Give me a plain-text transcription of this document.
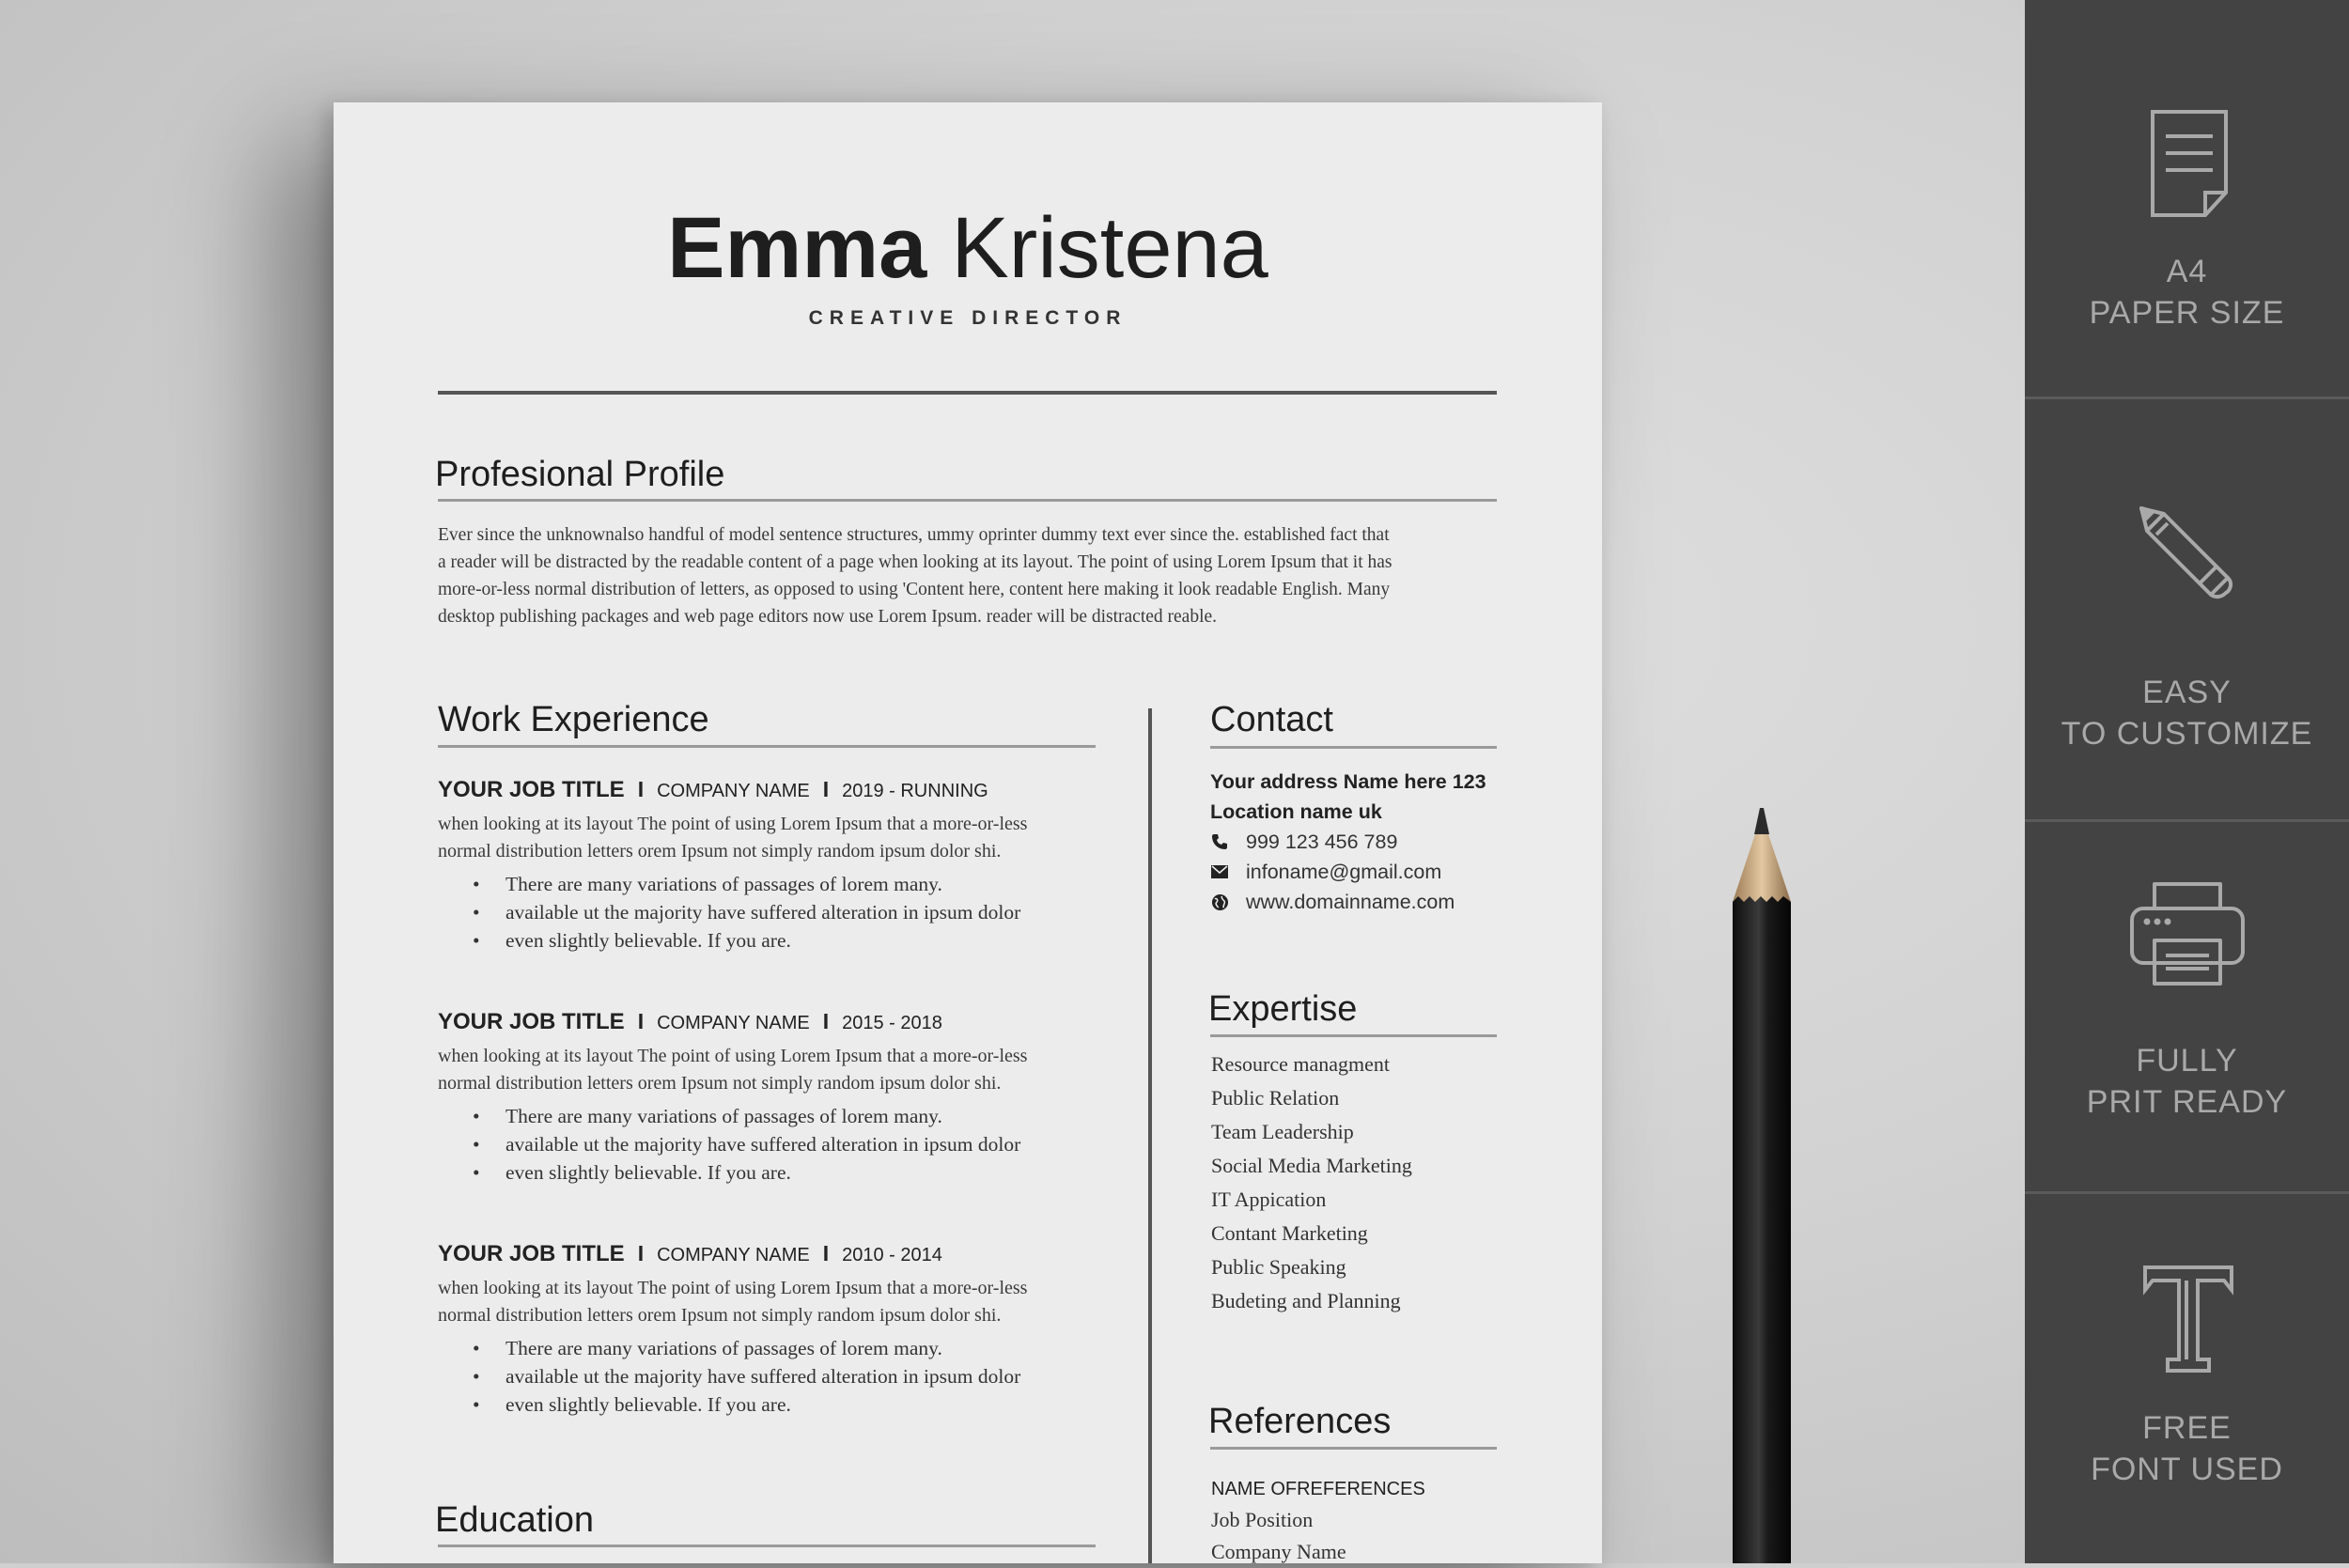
Emma Kristena
CREATIVE DIRECTOR
Profesional Profile
Ever since the unknownalso handful of model sentence structures, ummy oprinter dummy text ever since the. established fact that
a reader will be distracted by the readable content of a page when looking at its layout. The point of using Lorem Ipsum that it has
more-or-less normal distribution of letters, as opposed to using 'Content here, content here making it look readable English. Many
desktop publishing packages and web page editors now use Lorem Ipsum. reader will be distracted reable.
Work Experience
YOUR JOB TITLE I COMPANY NAME I 2019 - RUNNING
when looking at its layout The point of using Lorem Ipsum that a more-or-less
normal distribution letters orem Ipsum not simply random ipsum dolor shi.
• There are many variations of passages of lorem many.
• available ut the majority have suffered alteration in ipsum dolor
• even slightly believable. If you are.
YOUR JOB TITLE I COMPANY NAME I 2015 - 2018
when looking at its layout The point of using Lorem Ipsum that a more-or-less
normal distribution letters orem Ipsum not simply random ipsum dolor shi.
• There are many variations of passages of lorem many.
• available ut the majority have suffered alteration in ipsum dolor
• even slightly believable. If you are.
YOUR JOB TITLE I COMPANY NAME I 2010 - 2014
when looking at its layout The point of using Lorem Ipsum that a more-or-less
normal distribution letters orem Ipsum not simply random ipsum dolor shi.
• There are many variations of passages of lorem many.
• available ut the majority have suffered alteration in ipsum dolor
• even slightly believable. If you are.
Education
Contact
Your address Name here 123
Location name uk
999 123 456 789
infoname@gmail.com
www.domainname.com
Expertise
Resource managment
Public Relation
Team Leadership
Social Media Marketing
IT Appication
Contant Marketing
Public Speaking
Budeting and Planning
References
NAME OFREFERENCES
Job Position
Company Name
A4
PAPER SIZE
EASY
TO CUSTOMIZE
FULLY
PRIT READY
FREE
FONT USED
